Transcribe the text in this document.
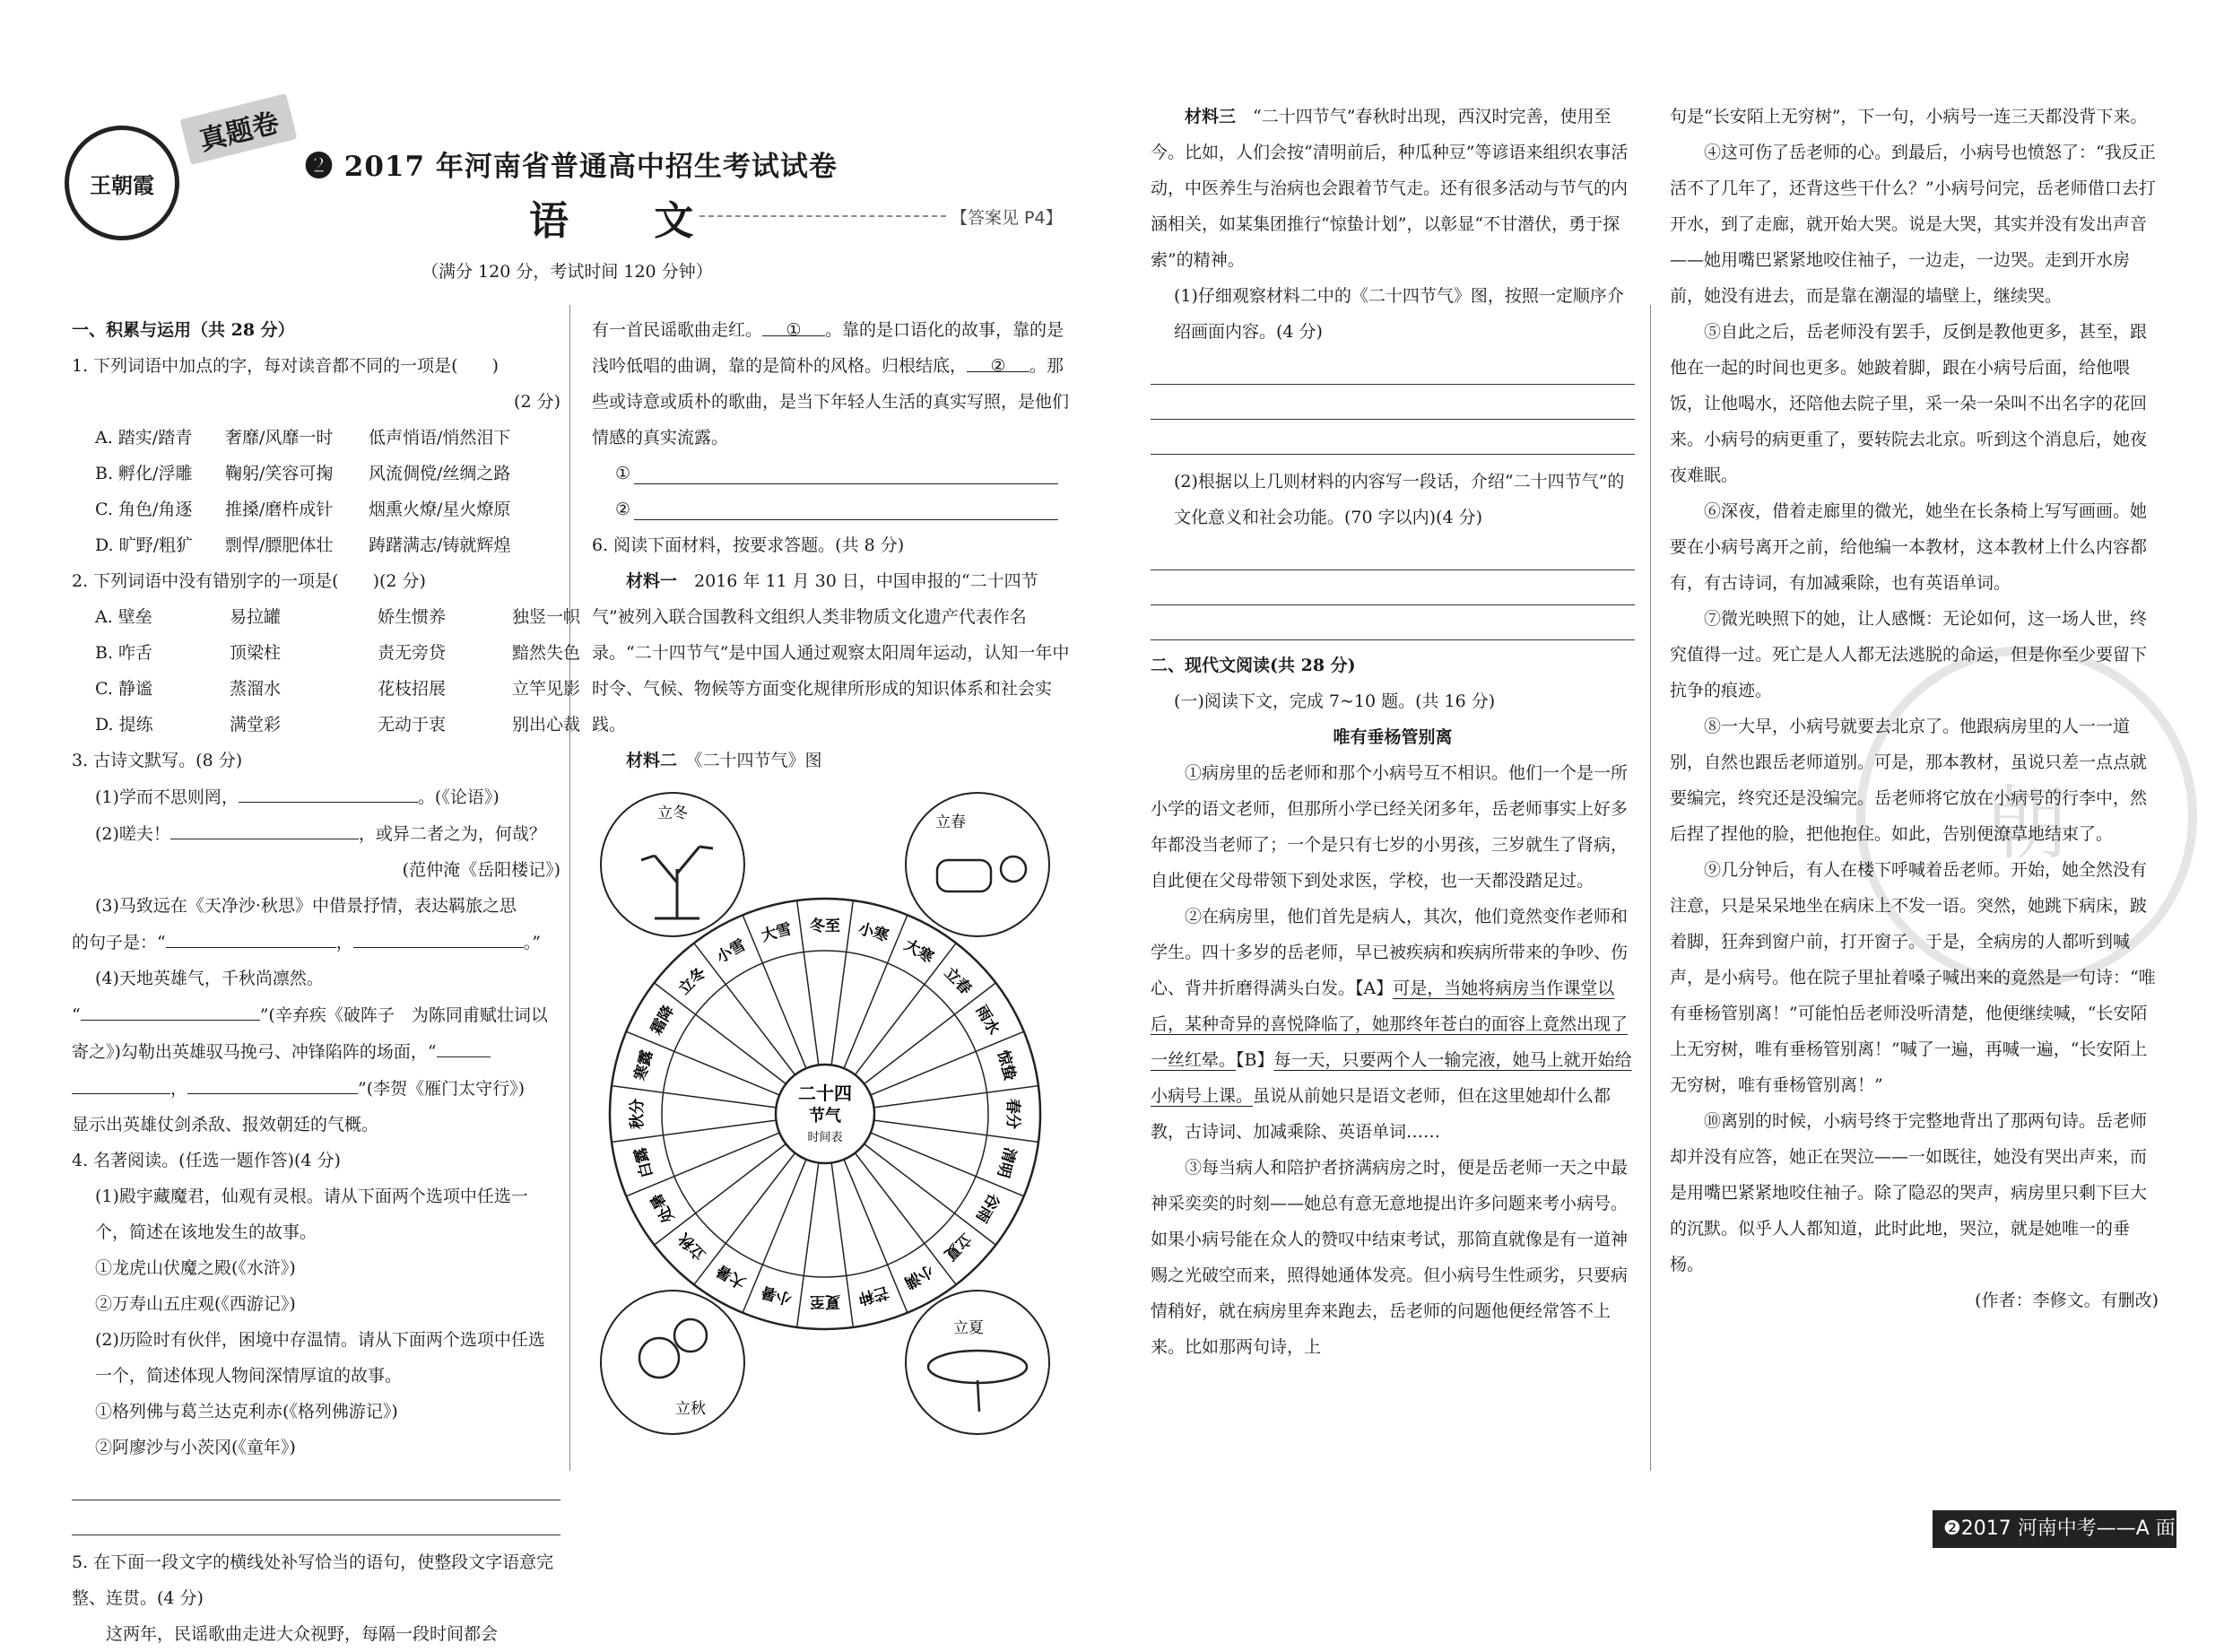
王朝霞
真题卷
❷ 2017 年河南省普通高中招生考试试卷
语 文	【答案见 P4】
（满分 120 分，考试时间 120 分钟）

一、积累与运用（共 28 分）

1. 下列词语中加点的字，每对读音都不同的一项是(　　)

(2 分)

A. 踏实/踏青	奢靡/风靡一时	低声悄语/悄然泪下
B. 孵化/浮雕	鞠躬/笑容可掬	风流倜傥/丝绸之路
C. 角色/角逐	推搡/磨杵成针	烟熏火燎/星火燎原
D. 旷野/粗犷	剽悍/膘肥体壮	踌躇满志/铸就辉煌

2. 下列词语中没有错别字的一项是(　　)(2 分)

A. 壁垒	易拉罐	娇生惯养	独竖一帜
B. 咋舌	顶梁柱	责无旁贷	黯然失色
C. 静谧	蒸溜水	花枝招展	立竿见影
D. 提练	满堂彩	无动于衷	别出心裁

3. 古诗文默写。(8 分)

(1)学而不思则罔，	。(《论语》)

(2)嗟夫！	，或异二者之为，何哉？

(范仲淹《岳阳楼记》)

(3)马致远在《天净沙·秋思》中借景抒情，表达羁旅之思

的句子是：“	，	。”

(4)天地英雄气，千秋尚凛然。

“	”(辛弃疾《破阵子　为陈同甫赋壮词以

寄之》)勾勒出英雄驭马挽弓、冲锋陷阵的场面，“

，	”(李贺《雁门太守行》)

显示出英雄仗剑杀敌、报效朝廷的气概。

4. 名著阅读。(任选一题作答)(4 分)

(1)殿宇藏魔君，仙观有灵根。请从下面两个选项中任选一个，简述在该地发生的故事。

①龙虎山伏魔之殿(《水浒》)

②万寿山五庄观(《西游记》)

(2)历险时有伙伴，困境中存温情。请从下面两个选项中任选一个，简述体现人物间深情厚谊的故事。

①格列佛与葛兰达克利赤(《格列佛游记》)

②阿廖沙与小茨冈(《童年》)

5. 在下面一段文字的横线处补写恰当的语句，使整段文字语意完整、连贯。(4 分)

这两年，民谣歌曲走进大众视野，每隔一段时间都会

有一首民谣歌曲走红。 ① 。靠的是口语化的故事，靠的是浅吟低唱的曲调，靠的是简朴的风格。归根结底， ② 。那些或诗意或质朴的歌曲，是当下年轻人生活的真实写照，是他们情感的真实流露。

①

②

6. 阅读下面材料，按要求答题。(共 8 分)

材料一　 2016 年 11 月 30 日，中国申报的“二十四节气”被列入联合国教科文组织人类非物质文化遗产代表作名录。“二十四节气”是中国人通过观察太阳周年运动，认知一年中时令、气候、物候等方面变化规律所形成的知识体系和社会实践。

材料二　 《二十四节气》图

立冬	立春
立秋
立夏
冬至 小寒
大寒
立春
雨水
惊蛰
春分
清明
谷雨
立夏
小满
芒种
夏至
小暑
大暑
立秋
处暑
白露
秋分
寒露
霜降
立冬
小雪
大雪
二十四
节气
时间表

材料三　 “二十四节气”春秋时出现，西汉时完善，使用至今。比如，人们会按“清明前后，种瓜种豆”等谚语来组织农事活动，中医养生与治病也会跟着节气走。还有很多活动与节气的内涵相关，如某集团推行“惊蛰计划”，以彰显“不甘潜伏，勇于探索”的精神。

(1)仔细观察材料二中的《二十四节气》图，按照一定顺序介绍画面内容。(4 分)

(2)根据以上几则材料的内容写一段话，介绍“二十四节气”的文化意义和社会功能。(70 字以内)(4 分)

二、现代文阅读(共 28 分)

(一)阅读下文，完成 7~10 题。(共 16 分)

唯有垂杨管别离

①病房里的岳老师和那个小病号互不相识。他们一个是一所小学的语文老师，但那所小学已经关闭多年，岳老师事实上好多年都没当老师了；一个是只有七岁的小男孩，三岁就生了肾病，自此便在父母带领下到处求医，学校，也一天都没踏足过。

②在病房里，他们首先是病人，其次，他们竟然变作老师和学生。四十多岁的岳老师，早已被疾病和疾病所带来的争吵、伤心、背井折磨得满头白发。【A】可是，当她将病房当作课堂以后，某种奇异的喜悦降临了，她那终年苍白的面容上竟然出现了一丝红晕。【B】每一天，只要两个人一输完液，她马上就开始给小病号上课。虽说从前她只是语文老师，但在这里她却什么都教，古诗词、加减乘除、英语单词……

③每当病人和陪护者挤满病房之时，便是岳老师一天之中最神采奕奕的时刻——她总有意无意地提出许多问题来考小病号。如果小病号能在众人的赞叹中结束考试，那简直就像是有一道神赐之光破空而来，照得她通体发亮。但小病号生性顽劣，只要病情稍好，就在病房里奔来跑去，岳老师的问题他便经常答不上来。比如那两句诗，上

朝

句是“长安陌上无穷树”，下一句，小病号一连三天都没背下来。

④这可伤了岳老师的心。到最后，小病号也愤怒了：“我反正活不了几年了，还背这些干什么？”小病号问完，岳老师借口去打开水，到了走廊，就开始大哭。说是大哭，其实并没有发出声音——她用嘴巴紧紧地咬住袖子，一边走，一边哭。走到开水房前，她没有进去，而是靠在潮湿的墙壁上，继续哭。

⑤自此之后，岳老师没有罢手，反倒是教他更多，甚至，跟他在一起的时间也更多。她跛着脚，跟在小病号后面，给他喂饭，让他喝水，还陪他去院子里，采一朵一朵叫不出名字的花回来。小病号的病更重了，要转院去北京。听到这个消息后，她夜夜难眠。

⑥深夜，借着走廊里的微光，她坐在长条椅上写写画画。她要在小病号离开之前，给他编一本教材，这本教材上什么内容都有，有古诗词，有加减乘除，也有英语单词。

⑦微光映照下的她，让人感慨：无论如何，这一场人世，终究值得一过。死亡是人人都无法逃脱的命运，但是你至少要留下抗争的痕迹。

⑧一大早，小病号就要去北京了。他跟病房里的人一一道别，自然也跟岳老师道别。可是，那本教材，虽说只差一点点就要编完，终究还是没编完。岳老师将它放在小病号的行李中，然后捏了捏他的脸，把他抱住。如此，告别便潦草地结束了。

⑨几分钟后，有人在楼下呼喊着岳老师。开始，她全然没有注意，只是呆呆地坐在病床上不发一语。突然，她跳下病床，跛着脚，狂奔到窗户前，打开窗子。于是，全病房的人都听到喊声，是小病号。他在院子里扯着嗓子喊出来的竟然是一句诗：“唯有垂杨管别离！”可能怕岳老师没听清楚，他便继续喊，“长安陌上无穷树，唯有垂杨管别离！”喊了一遍，再喊一遍，“长安陌上无穷树，唯有垂杨管别离！”

⑩离别的时候，小病号终于完整地背出了那两句诗。岳老师却并没有应答，她正在哭泣——一如既往，她没有哭出声来，而是用嘴巴紧紧地咬住袖子。除了隐忍的哭声，病房里只剩下巨大的沉默。似乎人人都知道，此时此地，哭泣，就是她唯一的垂杨。

(作者：李修文。有删改)

❷2017 河南中考——A 面
